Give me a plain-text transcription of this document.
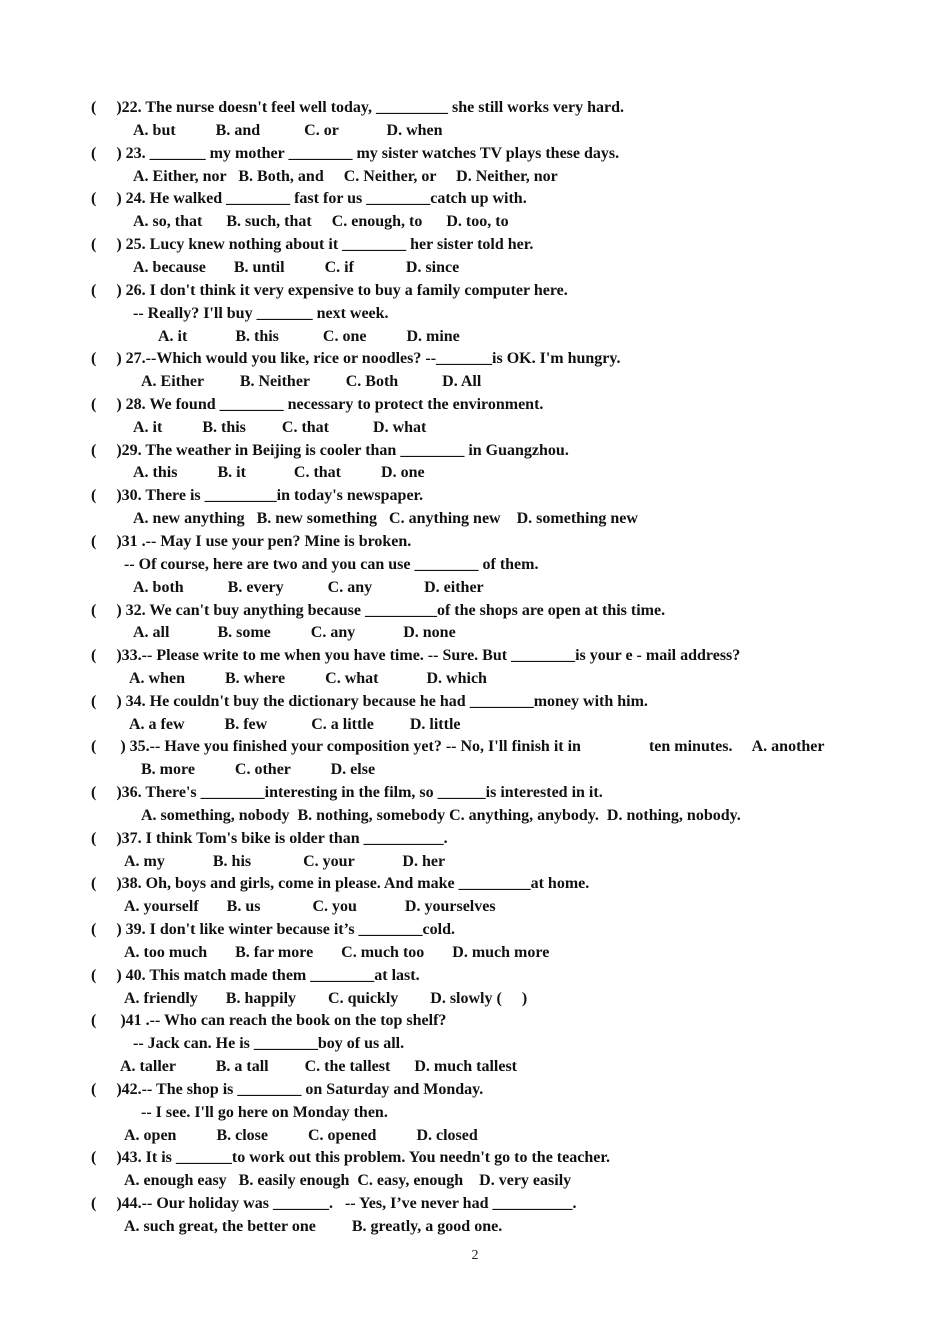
(     )22. The nurse doesn't feel well today, _________ she still works very hard.
A. but          B. and           C. or            D. when
(     ) 23. _______ my mother ________ my sister watches TV plays these days.
A. Either, nor   B. Both, and     C. Neither, or     D. Neither, nor
(     ) 24. He walked ________ fast for us ________catch up with.
A. so, that      B. such, that     C. enough, to      D. too, to
(     ) 25. Lucy knew nothing about it ________ her sister told her.
A. because       B. until          C. if             D. since
(     ) 26. I don't think it very expensive to buy a family computer here.
-- Really? I'll buy _______ next week.
A. it            B. this           C. one          D. mine
(     ) 27.--Which would you like, rice or noodles? --_______is OK. I'm hungry.
A. Either         B. Neither         C. Both           D. All
(     ) 28. We found ________ necessary to protect the environment.
A. it          B. this         C. that           D. what
(     )29. The weather in Beijing is cooler than ________ in Guangzhou.
A. this          B. it            C. that          D. one
(     )30. There is _________in today's newspaper.
A. new anything   B. new something   C. anything new    D. something new
(     )31 .-- May I use your pen? Mine is broken.
-- Of course, here are two and you can use ________ of them.
A. both           B. every           C. any             D. either
(     ) 32. We can't buy anything because _________of the shops are open at this time.
A. all            B. some          C. any            D. none
(     )33.-- Please write to me when you have time. -- Sure. But ________is your e - mail address?
A. when          B. where          C. what            D. which
(     ) 34. He couldn't buy the dictionary because he had ________money with him.
A. a few          B. few           C. a little         D. little
(      ) 35.-- Have you finished your composition yet? -- No, I'll finish it in                 ten minutes.     A. another
B. more          C. other          D. else
(     )36. There's ________interesting in the film, so ______is interested in it.
A. something, nobody  B. nothing, somebody C. anything, anybody.  D. nothing, nobody.
(     )37. I think Tom's bike is older than __________.
A. my            B. his             C. your            D. her
(     )38. Oh, boys and girls, come in please. And make _________at home.
A. yourself       B. us             C. you            D. yourselves
(     ) 39. I don't like winter because it’s ________cold.
A. too much       B. far more       C. much too       D. much more
(     ) 40. This match made them ________at last.
A. friendly       B. happily        C. quickly        D. slowly (     )
(      )41 .-- Who can reach the book on the top shelf?
-- Jack can. He is ________boy of us all.
A. taller          B. a tall         C. the tallest      D. much tallest
(     )42.-- The shop is ________ on Saturday and Monday.
-- I see. I'll go here on Monday then.
A. open          B. close          C. opened          D. closed
(     )43. It is _______to work out this problem. You needn't go to the teacher.
A. enough easy   B. easily enough  C. easy, enough    D. very easily
(     )44.-- Our holiday was _______.   -- Yes, I’ve never had __________.
A. such great, the better one         B. greatly, a good one.
2
